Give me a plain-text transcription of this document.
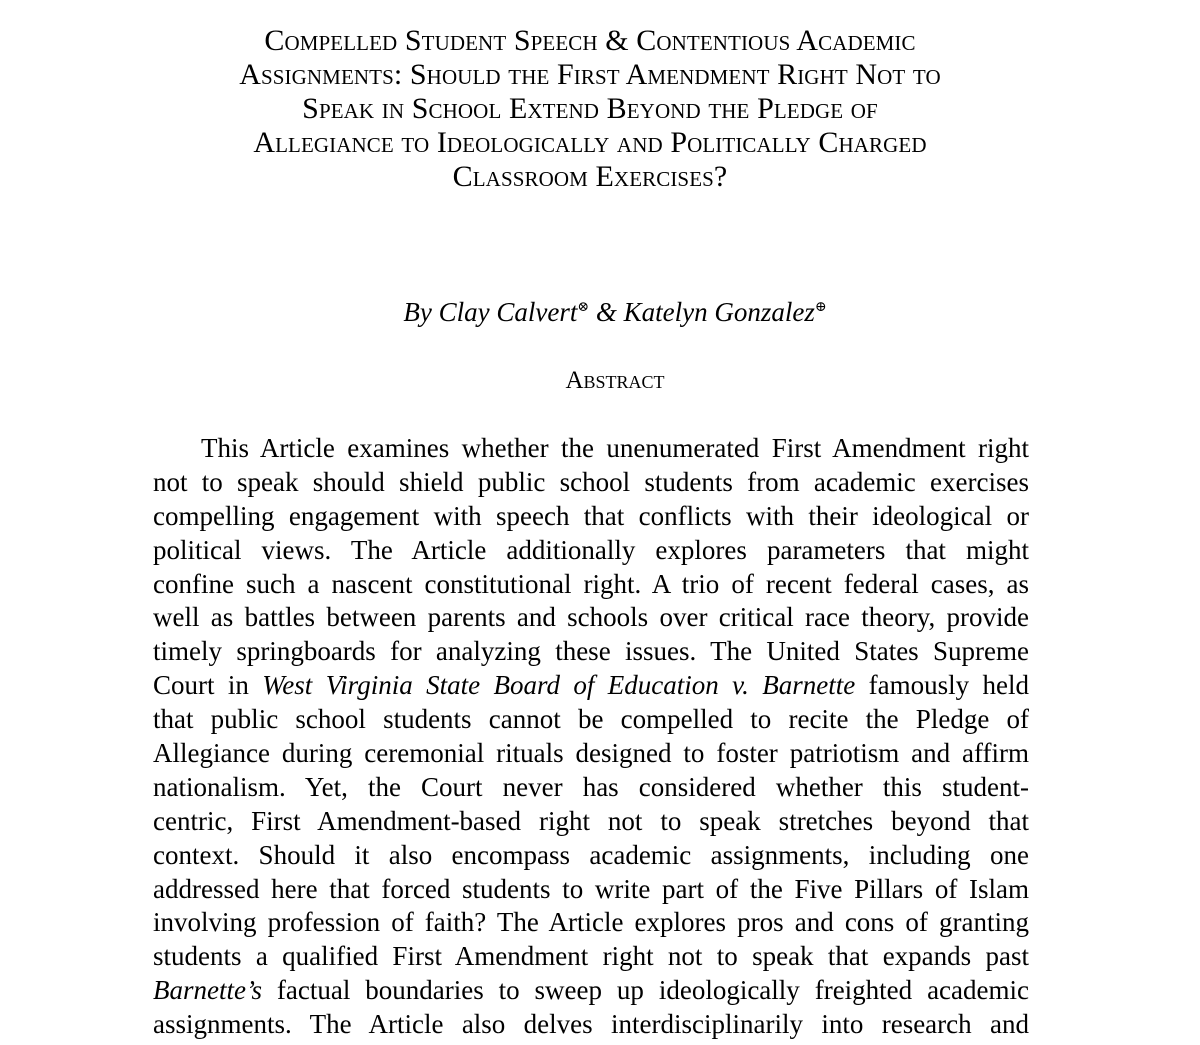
Compelled Student Speech & Contentious Academic
Assignments: Should the First Amendment Right Not to
Speak in School Extend Beyond the Pledge of
Allegiance to Ideologically and Politically Charged
Classroom Exercises?
By Clay Calvert⊗ & Katelyn Gonzalez⊕
Abstract
This Article examines whether the unenumerated First Amendment right
not to speak should shield public school students from academic exercises
compelling engagement with speech that conflicts with their ideological or
political views. The Article additionally explores parameters that might
confine such a nascent constitutional right. A trio of recent federal cases, as
well as battles between parents and schools over critical race theory, provide
timely springboards for analyzing these issues. The United States Supreme
Court in West Virginia State Board of Education v. Barnette famously held
that public school students cannot be compelled to recite the Pledge of
Allegiance during ceremonial rituals designed to foster patriotism and affirm
nationalism. Yet, the Court never has considered whether this student-
centric, First Amendment-based right not to speak stretches beyond that
context. Should it also encompass academic assignments, including one
addressed here that forced students to write part of the Five Pillars of Islam
involving profession of faith? The Article explores pros and cons of granting
students a qualified First Amendment right not to speak that expands past
Barnette’s factual boundaries to sweep up ideologically freighted academic
assignments. The Article also delves interdisciplinarily into research and
